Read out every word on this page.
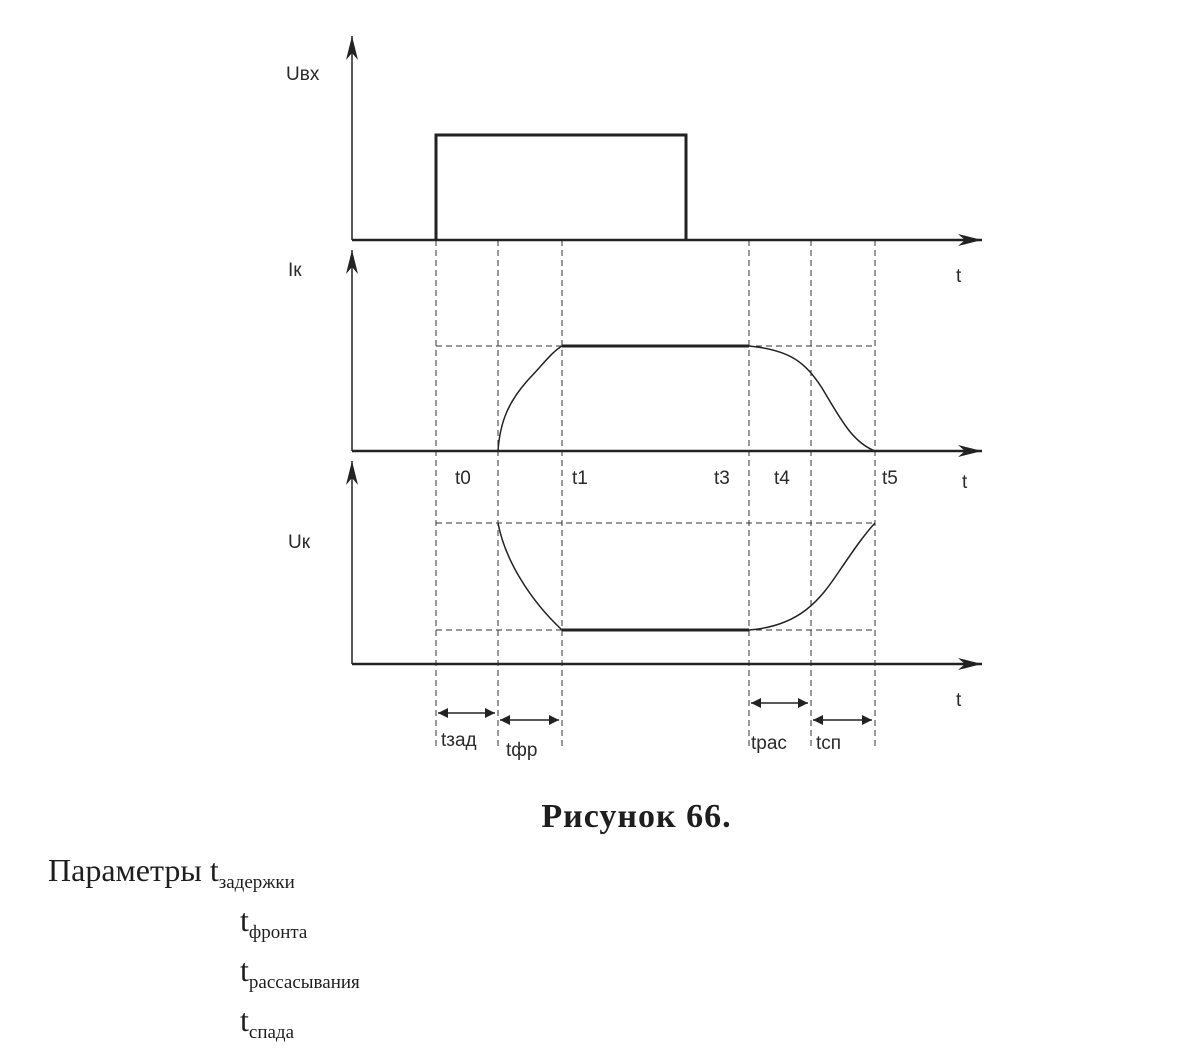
Uвх
Iк
Uк
t
t
t
t0	t1	t3 t4	t5
tзад tфр	tрас tсп
Рисунок 66.
Параметры $t_{задержки}$
$t_{фронта}$
$t_{рассасывания}$
$t_{спада}$
